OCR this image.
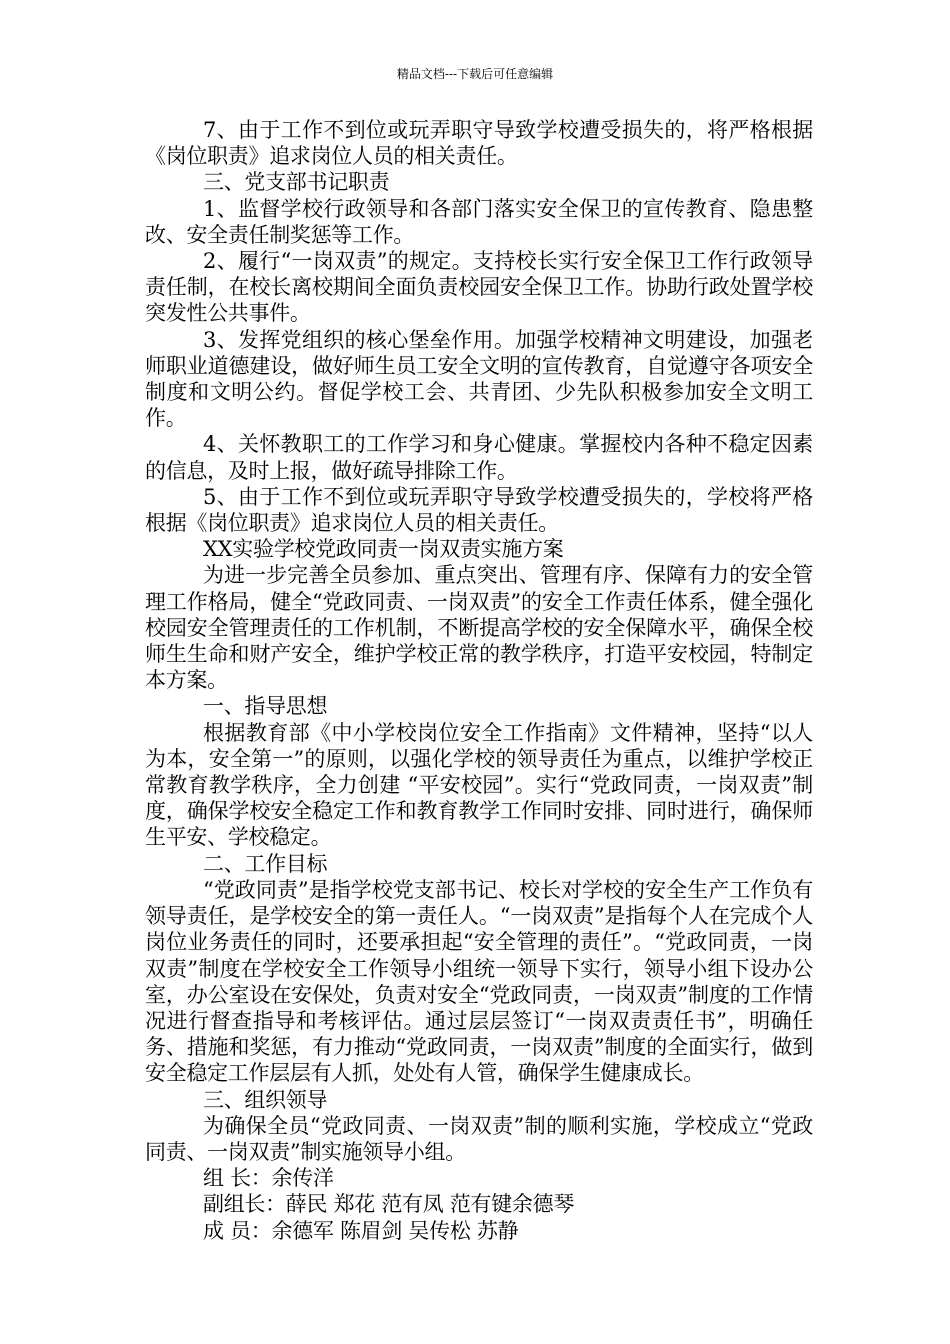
精品文档---下载后可任意编辑

7、由于工作不到位或玩弄职守导致学校遭受损失的，将严格根据《岗位职责》追求岗位人员的相关责任。

三、党支部书记职责

1、监督学校行政领导和各部门落实安全保卫的宣传教育、隐患整改、安全责任制奖惩等工作。

2、履行“一岗双责”的规定。支持校长实行安全保卫工作行政领导责任制，在校长离校期间全面负责校园安全保卫工作。协助行政处置学校突发性公共事件。

3、发挥党组织的核心堡垒作用。加强学校精神文明建设，加强老师职业道德建设，做好师生员工安全文明的宣传教育，自觉遵守各项安全制度和文明公约。督促学校工会、共青团、少先队积极参加安全文明工作。

4、关怀教职工的工作学习和身心健康。掌握校内各种不稳定因素的信息，及时上报，做好疏导排除工作。

5、由于工作不到位或玩弄职守导致学校遭受损失的，学校将严格根据《岗位职责》追求岗位人员的相关责任。

XX实验学校党政同责一岗双责实施方案

为进一步完善全员参加、重点突出、管理有序、保障有力的安全管理工作格局，健全“党政同责、一岗双责”的安全工作责任体系，健全强化校园安全管理责任的工作机制，不断提高学校的安全保障水平，确保全校师生生命和财产安全，维护学校正常的教学秩序，打造平安校园，特制定本方案。

一、指导思想

根据教育部《中小学校岗位安全工作指南》文件精神，坚持“以人为本，安全第一”的原则，以强化学校的领导责任为重点，以维护学校正常教育教学秩序，全力创建 “平安校园”。实行“党政同责，一岗双责”制度，确保学校安全稳定工作和教育教学工作同时安排、同时进行，确保师生平安、学校稳定。

二、工作目标

“党政同责”是指学校党支部书记、校长对学校的安全生产工作负有领导责任，是学校安全的第一责任人。“一岗双责”是指每个人在完成个人岗位业务责任的同时，还要承担起“安全管理的责任”。“党政同责，一岗双责”制度在学校安全工作领导小组统一领导下实行，领导小组下设办公室，办公室设在安保处，负责对安全“党政同责，一岗双责”制度的工作情况进行督查指导和考核评估。通过层层签订“一岗双责责任书”，明确任务、措施和奖惩，有力推动“党政同责，一岗双责”制度的全面实行，做到安全稳定工作层层有人抓，处处有人管，确保学生健康成长。

三、组织领导

为确保全员“党政同责、一岗双责”制的顺利实施，学校成立“党政同责、一岗双责”制实施领导小组。

组 长：余传洋

副组长：薛民 郑花 范有凤 范有键余德琴

成 员：余德军 陈眉剑 吴传松 苏静
